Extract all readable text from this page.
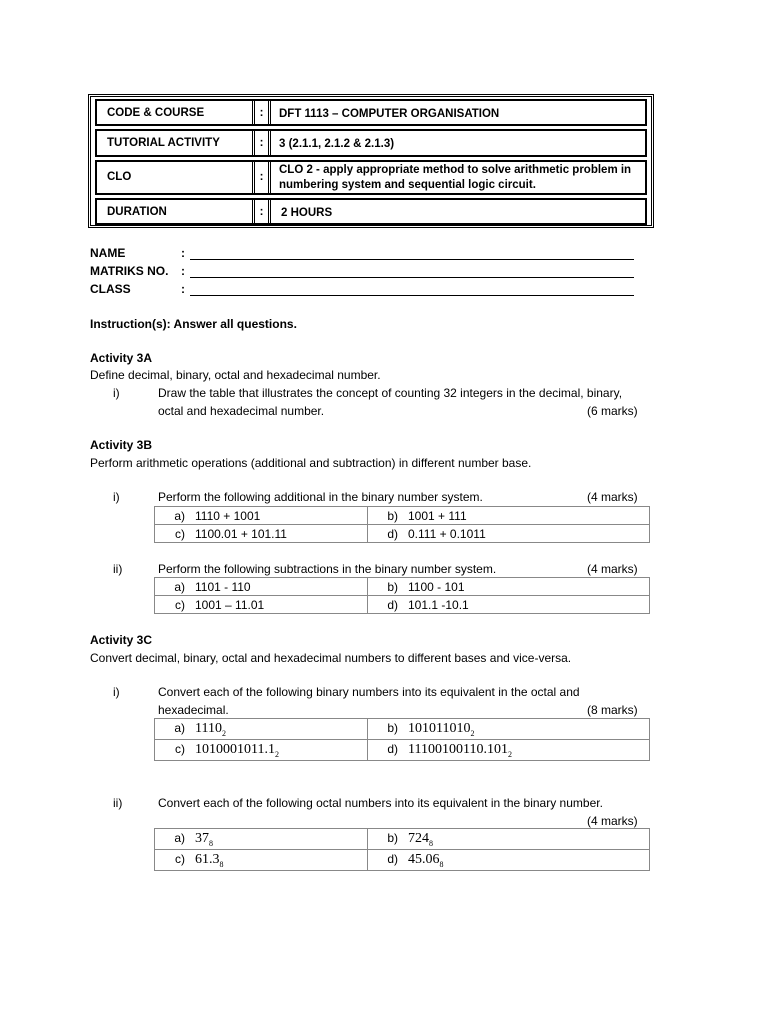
CODE & COURSE	:	DFT 1113 – COMPUTER ORGANISATION
TUTORIAL ACTIVITY	:	3 (2.1.1, 2.1.2 & 2.1.3)
CLO	:
CLO 2 - apply appropriate method to solve arithmetic problem in numbering system and sequential logic circuit.
DURATION	:	2 HOURS
NAME	:
MATRIKS NO. :
CLASS	:
Instruction(s): Answer all questions.
Activity 3A
Define decimal, binary, octal and hexadecimal number.
i)	Draw the table that illustrates the concept of counting 32 integers in the decimal, binary,
octal and hexadecimal number.	(6 marks)
Activity 3B
Perform arithmetic operations (additional and subtraction) in different number base.
i)	Perform the following additional in the binary number system.	(4 marks)
a) 1110 + 1001	b) 1001 + 111
c) 1100.01 + 101.11	d) 0.111 + 0.1011
ii)	Perform the following subtractions in the binary number system.	(4 marks)
a) 1101 - 110	b) 1100 - 101
c) 1001 – 11.01	d) 101.1 -10.1
Activity 3C
Convert decimal, binary, octal and hexadecimal numbers to different bases and vice-versa.
i)	Convert each of the following binary numbers into its equivalent in the octal and
hexadecimal.	(8 marks)
a) $1110_2$	b) $101011010_2$
c) $1010001011.1_2$	d) $11100100110.101_2$
ii)	Convert each of the following octal numbers into its equivalent in the binary number.
(4 marks)
a) $37_8$	b) $724_8$
c) $61.3_8$	d) $45.06_8$
